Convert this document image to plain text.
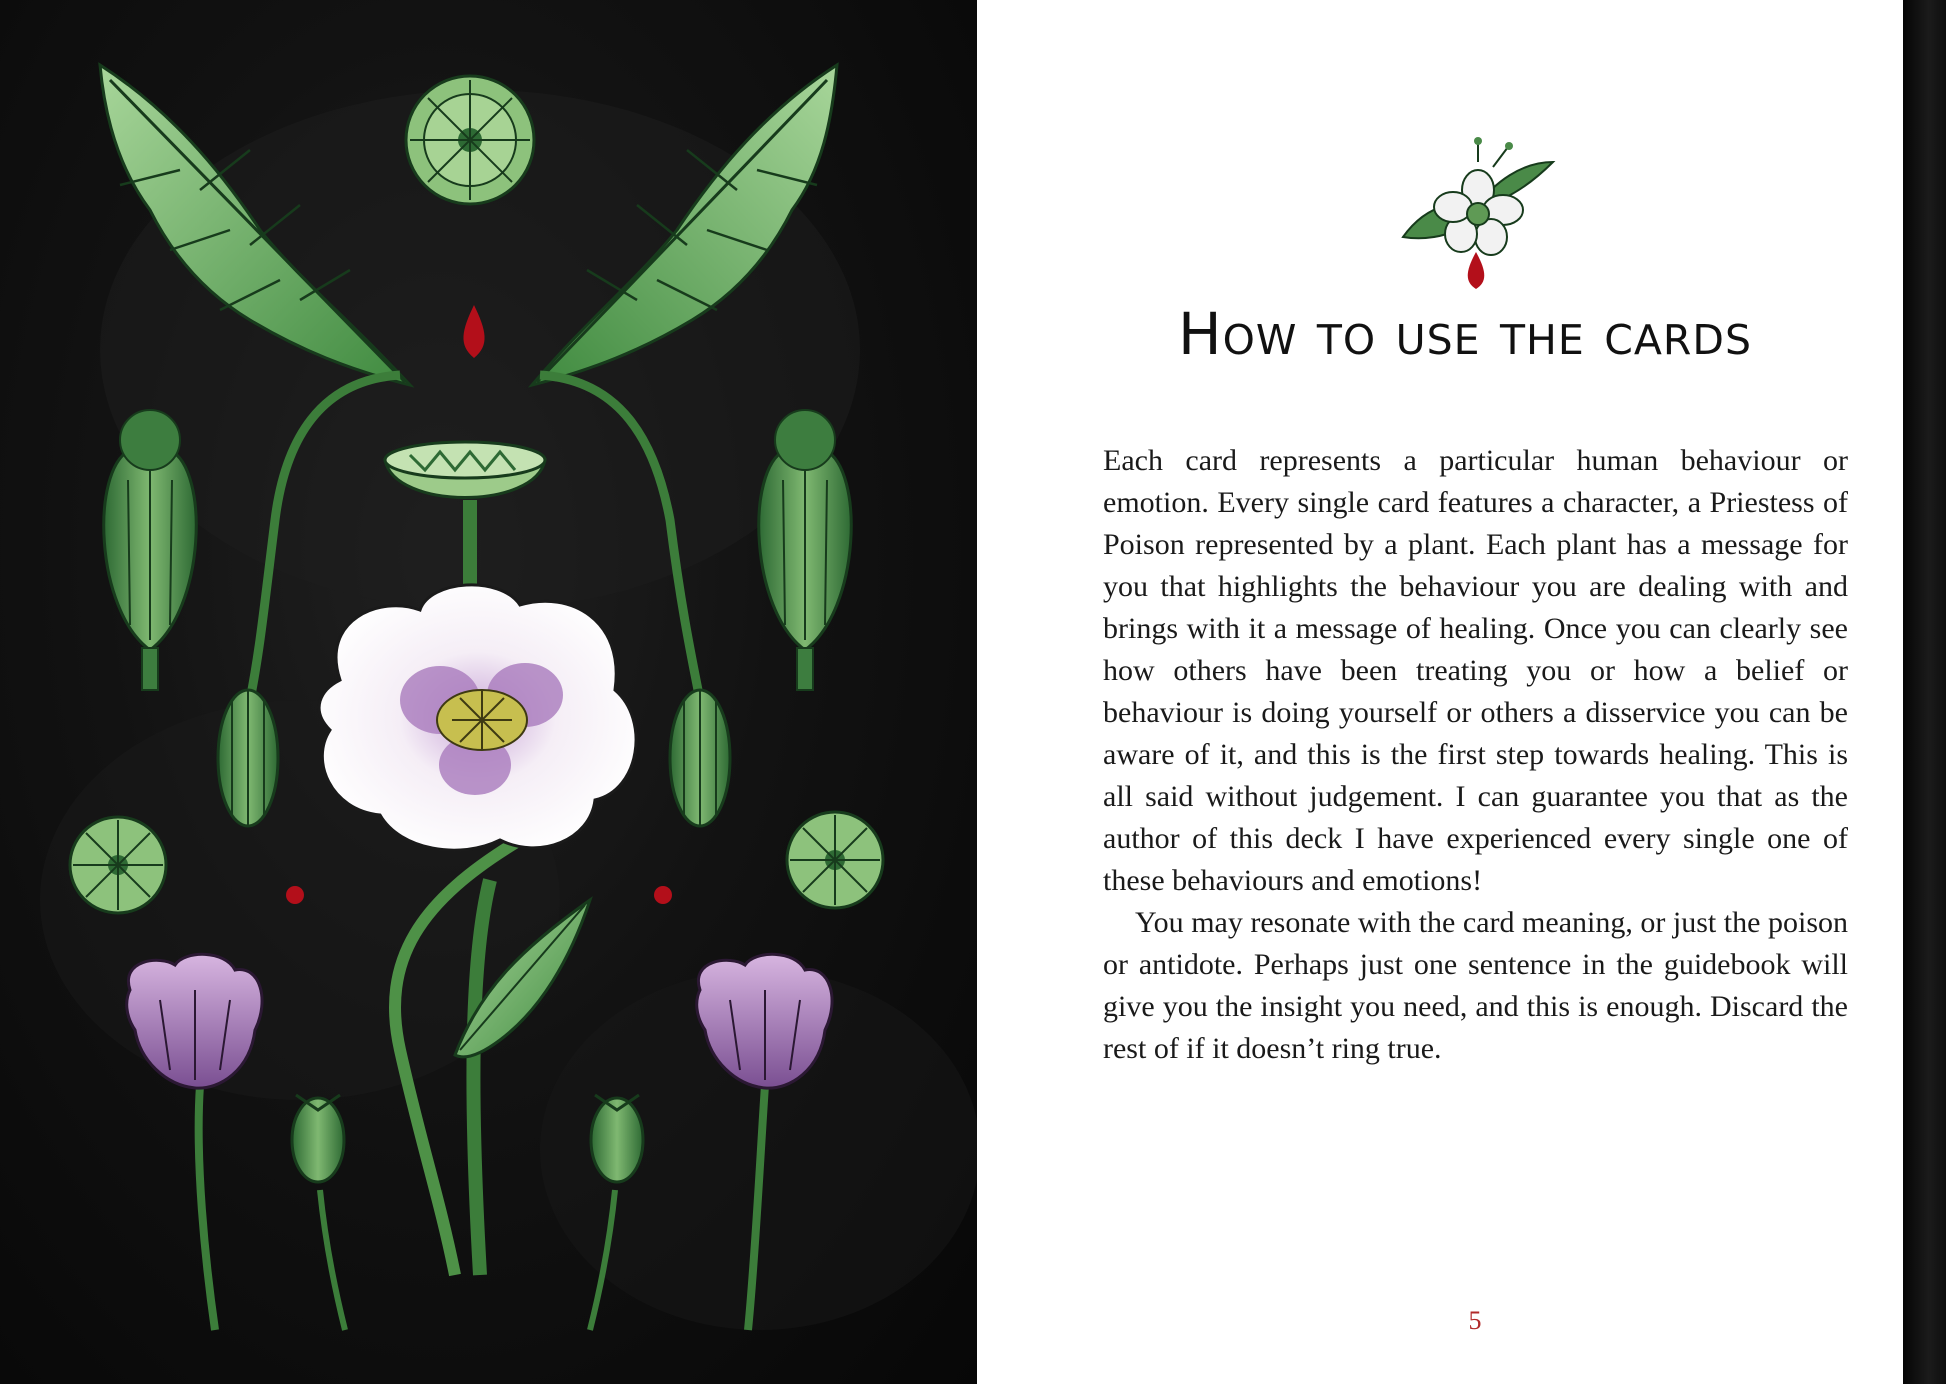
How to use the cards

Each card represents a particular human behaviour or emotion. Every single card features a character, a Priestess of Poison represented by a plant. Each plant has a message for you that highlights the behaviour you are dealing with and brings with it a message of healing. Once you can clearly see how others have been treating you or how a belief or behaviour is doing yourself or others a disservice you can be aware of it, and this is the first step towards healing. This is all said without judgement. I can guarantee you that as the author of this deck I have experienced every single one of these behaviours and emotions!

You may resonate with the card meaning, or just the poison or antidote. Perhaps just one sentence in the guidebook will give you the insight you need, and this is enough. Discard the rest of if it doesn’t ring true.

5
